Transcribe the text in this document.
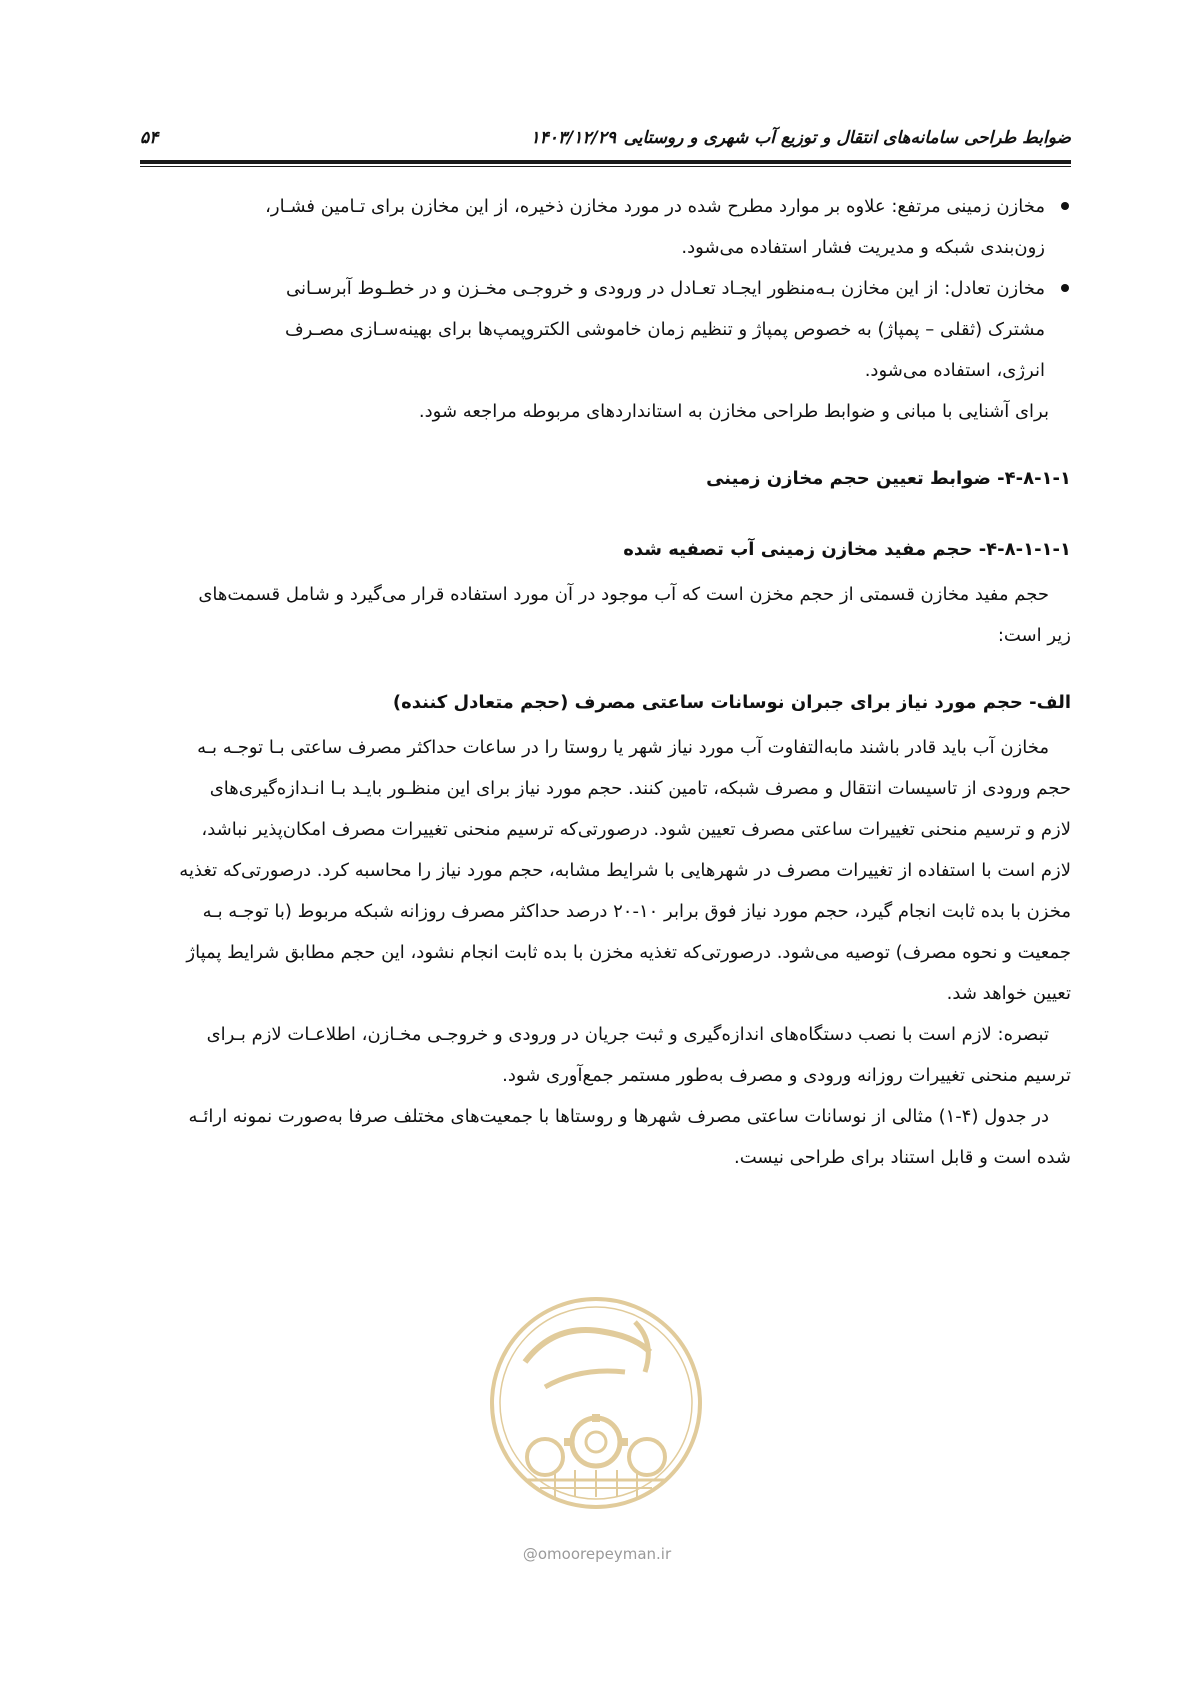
ضوابط طراحی سامانه‌های انتقال و توزیع آب شهری و روستایی
۱۴۰۳/۱۲/۲۹
۵۴
مخازن زمینی مرتفع: علاوه بر موارد مطرح شده در مورد مخازن ذخیره، از این مخازن برای تـامین فشـار،
زون‌بندی شبکه و مدیریت فشار استفاده می‌شود.
مخازن تعادل: از این مخازن بـه‌منظور ایجـاد تعـادل در ورودی و خروجـی مخـزن و در خطـوط آبرسـانی
مشترک (ثقلی – پمپاژ) به خصوص پمپاژ و تنظیم زمان خاموشی الکتروپمپ‌ها برای بهینه‌سـازی مصـرف
انرژی، استفاده می‌شود.

برای آشنایی با مبانی و ضوابط طراحی مخازن به استانداردهای مربوطه مراجعه شود.

۴-۸-۱-۱- ضوابط تعیین حجم مخازن زمینی

۴-۸-۱-۱-۱- حجم مفید مخازن زمینی آب تصفیه شده

حجم مفید مخازن قسمتی از حجم مخزن است که آب موجود در آن مورد استفاده قرار می‌گیرد و شامل قسمت‌های
زیر است:

الف- حجم مورد نیاز برای جبران نوسانات ساعتی مصرف (حجم متعادل کننده)

مخازن آب باید قادر باشند مابه‌التفاوت آب مورد نیاز شهر یا روستا را در ساعات حداکثر مصرف ساعتی بـا توجـه بـه
حجم ورودی از تاسیسات انتقال و مصرف شبکه، تامین کنند. حجم مورد نیاز برای این منظـور بایـد بـا انـدازه‌گیری‌های
لازم و ترسیم منحنی تغییرات ساعتی مصرف تعیین شود. درصورتی‌که ترسیم منحنی تغییرات مصرف امکان‌پذیر نباشد،
لازم است با استفاده از تغییرات مصرف در شهرهایی با شرایط مشابه، حجم مورد نیاز را محاسبه کرد. درصورتی‌که تغذیه
مخزن با بده ثابت انجام گیرد، حجم مورد نیاز فوق برابر ۱۰-۲۰ درصد حداکثر مصرف روزانه شبکه مربوط (با توجـه بـه
جمعیت و نحوه مصرف) توصیه می‌شود. درصورتی‌که تغذیه مخزن با بده ثابت انجام نشود، این حجم مطابق شرایط پمپاژ
تعیین خواهد شد.

تبصره: لازم است با نصب دستگاه‌های اندازه‌گیری و ثبت جریان در ورودی و خروجـی مخـازن، اطلاعـات لازم بـرای
ترسیم منحنی تغییرات روزانه ورودی و مصرف به‌طور مستمر جمع‌آوری شود.

در جدول (۴-۱) مثالی از نوسانات ساعتی مصرف شهرها و روستاها با جمعیت‌های مختلف صرفا به‌صورت نمونه ارائـه
شده است و قابل استناد برای طراحی نیست.

@omoorepeyman.ir
